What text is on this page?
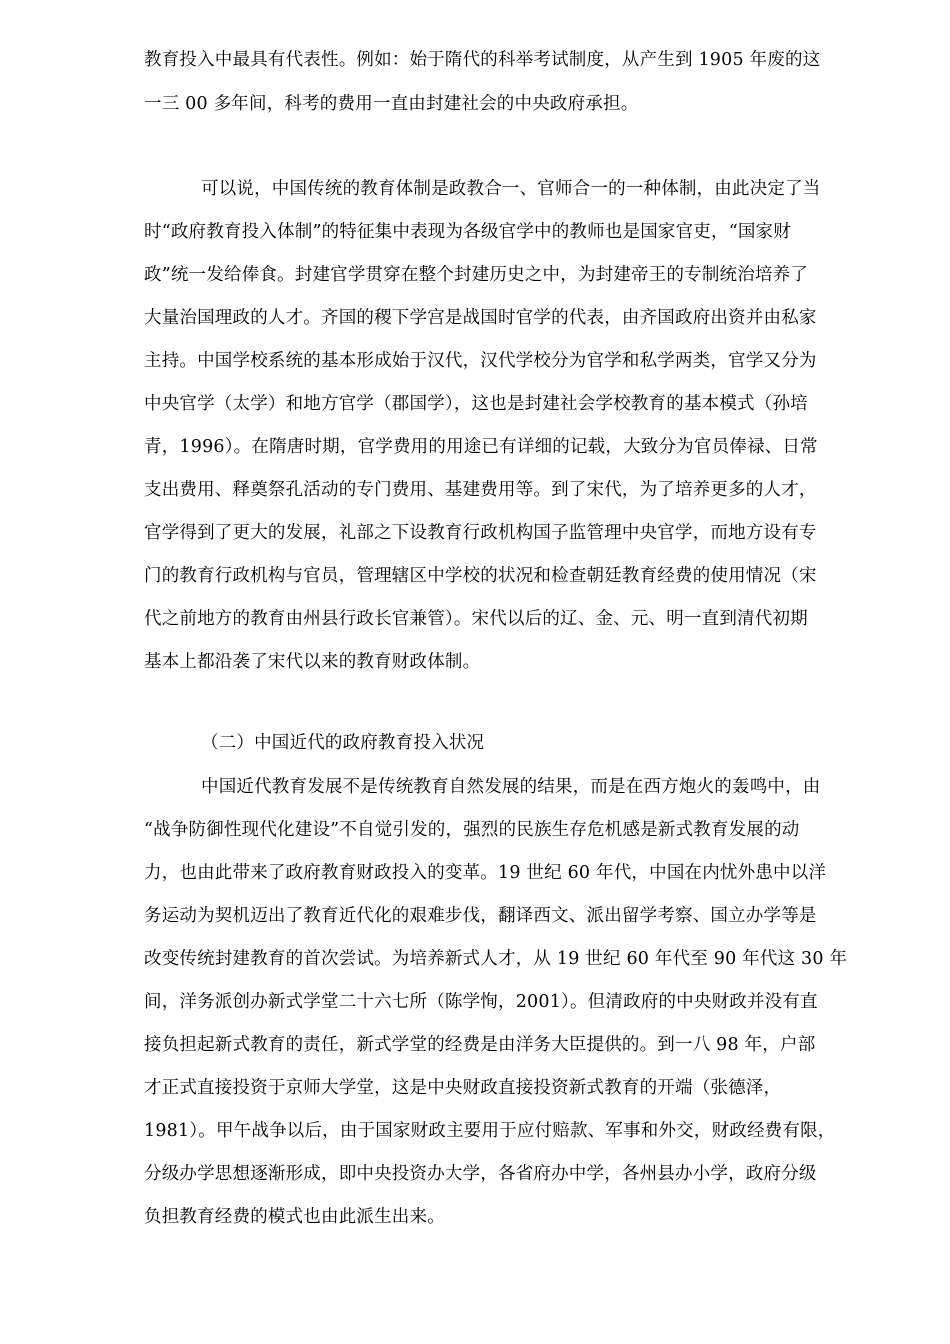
教育投入中最具有代表性。例如：始于隋代的科举考试制度，从产生到 1905 年废的这
一三 00 多年间，科考的费用一直由封建社会的中央政府承担。
可以说，中国传统的教育体制是政教合一、官师合一的一种体制，由此决定了当
时“政府教育投入体制”的特征集中表现为各级官学中的教师也是国家官吏，“国家财
政”统一发给俸食。封建官学贯穿在整个封建历史之中，为封建帝王的专制统治培养了
大量治国理政的人才。齐国的稷下学宫是战国时官学的代表，由齐国政府出资并由私家
主持。中国学校系统的基本形成始于汉代，汉代学校分为官学和私学两类，官学又分为
中央官学（太学）和地方官学（郡国学），这也是封建社会学校教育的基本模式（孙培
青，1996）。在隋唐时期，官学费用的用途已有详细的记载，大致分为官员俸禄、日常
支出费用、释奠祭孔活动的专门费用、基建费用等。到了宋代，为了培养更多的人才，
官学得到了更大的发展，礼部之下设教育行政机构国子监管理中央官学，而地方设有专
门的教育行政机构与官员，管理辖区中学校的状况和检查朝廷教育经费的使用情况（宋
代之前地方的教育由州县行政长官兼管）。宋代以后的辽、金、元、明一直到清代初期
基本上都沿袭了宋代以来的教育财政体制。
（二）中国近代的政府教育投入状况
中国近代教育发展不是传统教育自然发展的结果，而是在西方炮火的轰鸣中，由
“战争防御性现代化建设”不自觉引发的，强烈的民族生存危机感是新式教育发展的动
力，也由此带来了政府教育财政投入的变革。19 世纪 60 年代，中国在内忧外患中以洋
务运动为契机迈出了教育近代化的艰难步伐，翻译西文、派出留学考察、国立办学等是
改变传统封建教育的首次尝试。为培养新式人才，从 19 世纪 60 年代至 90 年代这 30 年
间，洋务派创办新式学堂二十六七所（陈学恂，2001）。但清政府的中央财政并没有直
接负担起新式教育的责任，新式学堂的经费是由洋务大臣提供的。到一八 98 年，户部
才正式直接投资于京师大学堂，这是中央财政直接投资新式教育的开端（张德泽，
1981）。甲午战争以后，由于国家财政主要用于应付赔款、军事和外交，财政经费有限，
分级办学思想逐渐形成，即中央投资办大学，各省府办中学，各州县办小学，政府分级
负担教育经费的模式也由此派生出来。
